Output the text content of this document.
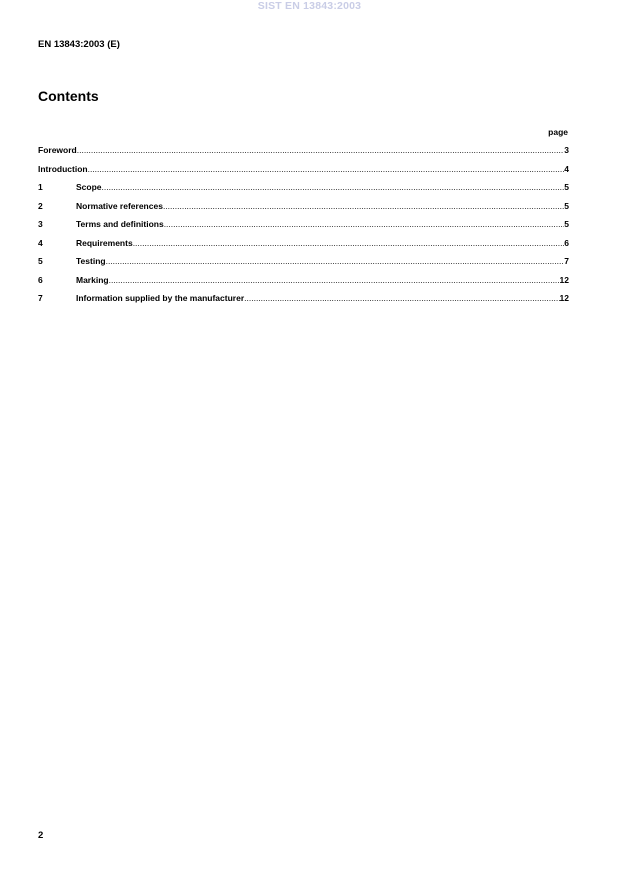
SIST EN 13843:2003
EN 13843:2003 (E)
Contents
page
Foreword .....	3
Introduction .....	4
1	Scope .....	5
2	Normative references .....	5
3	Terms and definitions .....	5
4	Requirements .....	6
5	Testing .....	7
6	Marking .....	12
7	Information supplied by the manufacturer .....	12
2
